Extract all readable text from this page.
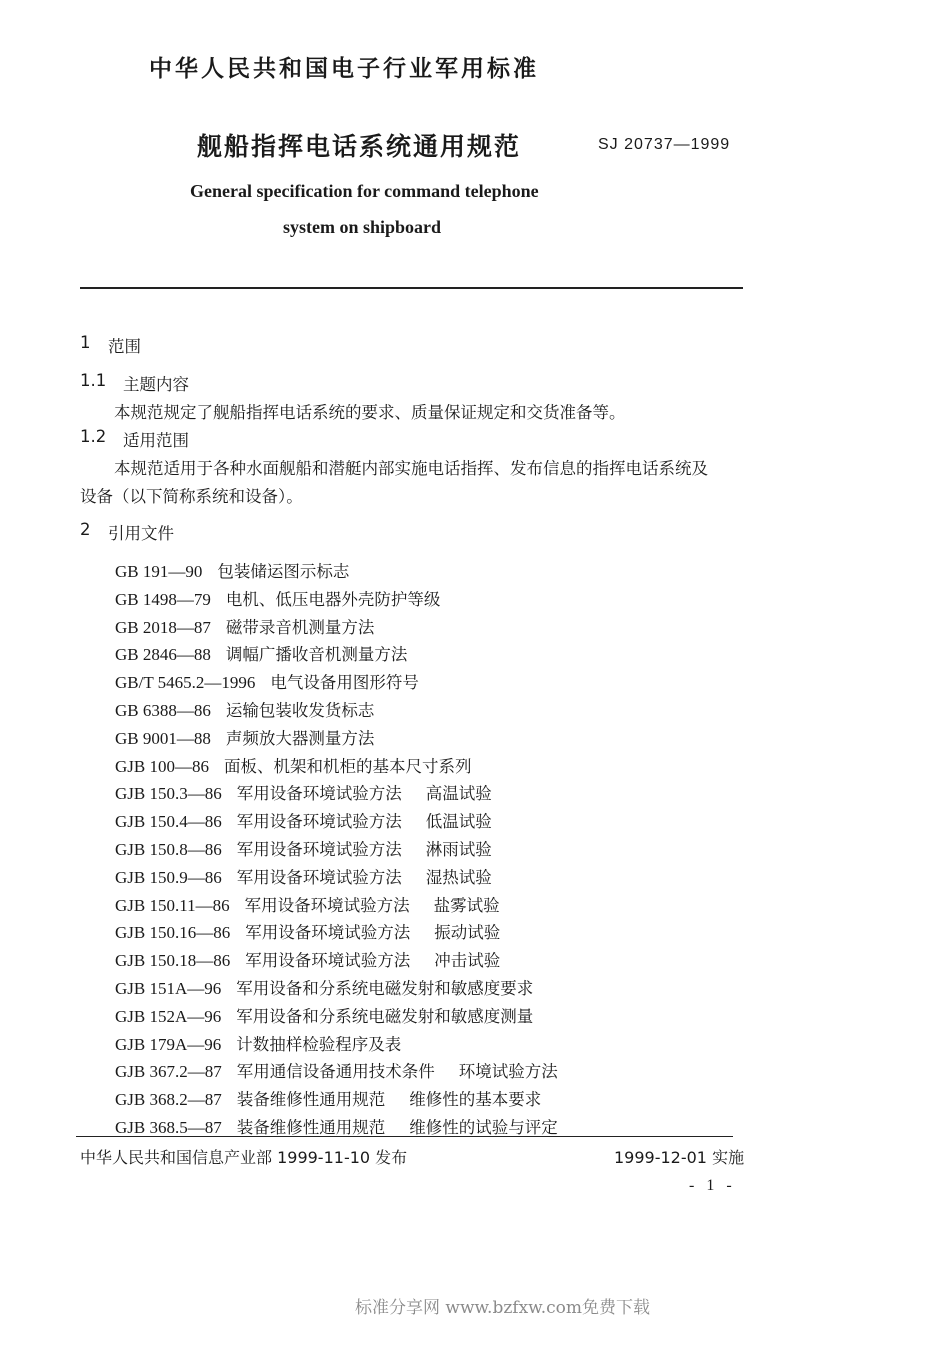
中华人民共和国电子行业军用标准
舰船指挥电话系统通用规范	SJ 20737—1999
General specification for command telephone
system on shipboard
1 范围
1.1 主题内容
本规范规定了舰船指挥电话系统的要求、质量保证规定和交货准备等。
1.2 适用范围
本规范适用于各种水面舰船和潜艇内部实施电话指挥、发布信息的指挥电话系统及
设备（以下简称系统和设备）。
2 引用文件
GB 191—90 包装储运图示标志
GB 1498—79 电机、低压电器外壳防护等级
GB 2018—87 磁带录音机测量方法
GB 2846—88 调幅广播收音机测量方法
GB/T 5465.2—1996 电气设备用图形符号
GB 6388—86 运输包装收发货标志
GB 9001—88 声频放大器测量方法
GJB 100—86 面板、机架和机柜的基本尺寸系列
GJB 150.3—86 军用设备环境试验方法 高温试验
GJB 150.4—86 军用设备环境试验方法 低温试验
GJB 150.8—86 军用设备环境试验方法 淋雨试验
GJB 150.9—86 军用设备环境试验方法 湿热试验
GJB 150.11—86 军用设备环境试验方法 盐雾试验
GJB 150.16—86 军用设备环境试验方法 振动试验
GJB 150.18—86 军用设备环境试验方法 冲击试验
GJB 151A—96 军用设备和分系统电磁发射和敏感度要求
GJB 152A—96 军用设备和分系统电磁发射和敏感度测量
GJB 179A—96 计数抽样检验程序及表
GJB 367.2—87 军用通信设备通用技术条件 环境试验方法
GJB 368.2—87 装备维修性通用规范 维修性的基本要求
GJB 368.5—87 装备维修性通用规范 维修性的试验与评定
中华人民共和国信息产业部 1999-11-10 发布	1999-12-01 实施
- 1 -
标准分享网 www.bzfxw.com免费下载
